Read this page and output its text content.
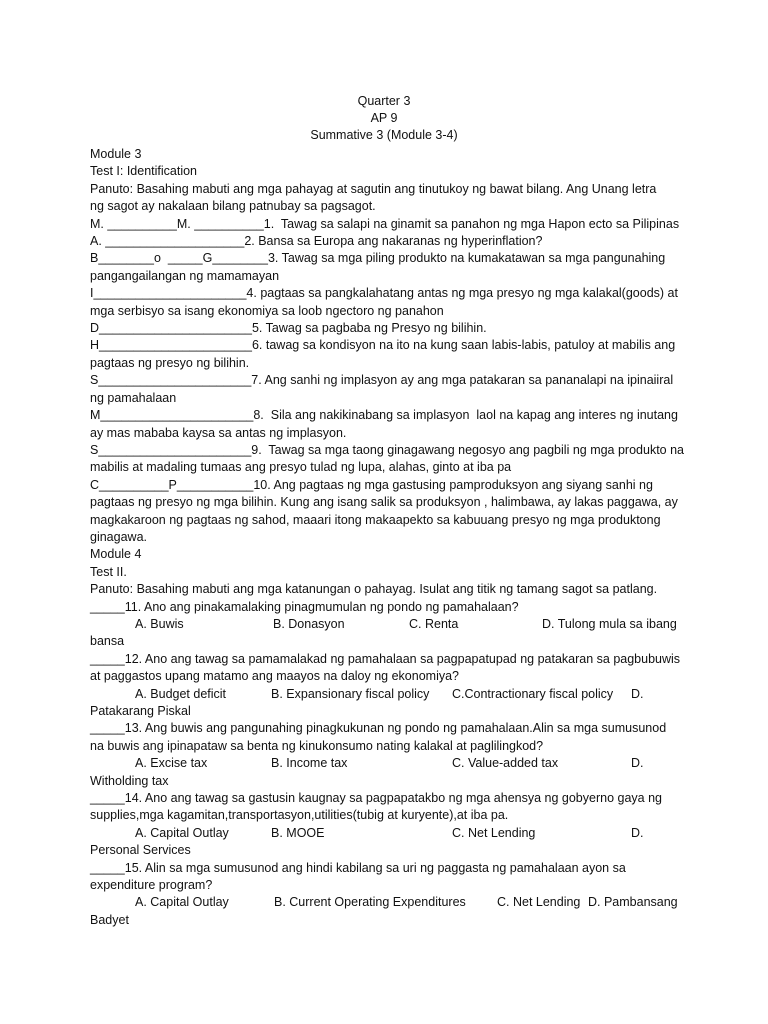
Quarter 3
AP 9
Summative 3 (Module 3-4)
Module 3
Test I: Identification
Panuto: Basahing mabuti ang mga pahayag at sagutin ang tinutukoy ng bawat bilang. Ang Unang letra
ng sagot ay nakalaan bilang patnubay sa pagsagot.
M. __________M. __________1.  Tawag sa salapi na ginamit sa panahon ng mga Hapon ecto sa Pilipinas
A. ____________________2. Bansa sa Europa ang nakaranas ng hyperinflation?
B________o  _____G________3. Tawag sa mga piling produkto na kumakatawan sa mga pangunahing
pangangailangan ng mamamayan
I______________________4. pagtaas sa pangkalahatang antas ng mga presyo ng mga kalakal(goods) at
mga serbisyo sa isang ekonomiya sa loob ngectoro ng panahon
D______________________5. Tawag sa pagbaba ng Presyo ng bilihin.
H______________________6. tawag sa kondisyon na ito na kung saan labis-labis, patuloy at mabilis ang
pagtaas ng presyo ng bilihin.
S______________________7. Ang sanhi ng implasyon ay ang mga patakaran sa pananalapi na ipinaiiral
ng pamahalaan
M______________________8.  Sila ang nakikinabang sa implasyon  laol na kapag ang interes ng inutang
ay mas mababa kaysa sa antas ng implasyon.
S______________________9.  Tawag sa mga taong ginagawang negosyo ang pagbili ng mga produkto na
mabilis at madaling tumaas ang presyo tulad ng lupa, alahas, ginto at iba pa
C__________P___________10. Ang pagtaas ng mga gastusing pamproduksyon ang siyang sanhi ng
pagtaas ng presyo ng mga bilihin. Kung ang isang salik sa produksyon , halimbawa, ay lakas paggawa, ay
magkakaroon ng pagtaas ng sahod, maaari itong makaapekto sa kabuuang presyo ng mga produktong
ginagawa.
Module 4
Test II.
Panuto: Basahing mabuti ang mga katanungan o pahayag. Isulat ang titik ng tamang sagot sa patlang.
_____11. Ano ang pinakamalaking pinagmumulan ng pondo ng pamahalaan?

A. Buwis

	B. Donasyon

	C. Renta

	D. Tulong mula sa ibang

bansa
_____12. Ano ang tawag sa pamamalakad ng pamahalaan sa pagpapatupad ng patakaran sa pagbubuwis
at paggastos upang matamo ang maayos na daloy ng ekonomiya?

A. Budget deficit

	B. Expansionary fiscal policy

C.Contractionary fiscal policy

D.

Patakarang Piskal
_____13. Ang buwis ang pangunahing pinagkukunan ng pondo ng pamahalaan.Alin sa mga sumusunod
na buwis ang ipinapataw sa benta ng kinukonsumo nating kalakal at paglilingkod?

A. Excise tax

	B. Income tax

	C. Value-added tax

	D.

Witholding tax
_____14. Ano ang tawag sa gastusin kaugnay sa pagpapatakbo ng mga ahensya ng gobyerno gaya ng
supplies,mga kagamitan,transportasyon,utilities(tubig at kuryente),at iba pa.

A. Capital Outlay

	B. MOOE

	C. Net Lending

	D.

Personal Services
_____15. Alin sa mga sumusunod ang hindi kabilang sa uri ng paggasta ng pamahalaan ayon sa
expenditure program?

A. Capital Outlay

	B. Current Operating Expenditures

C. Net Lending

D. Pambansang

Badyet
